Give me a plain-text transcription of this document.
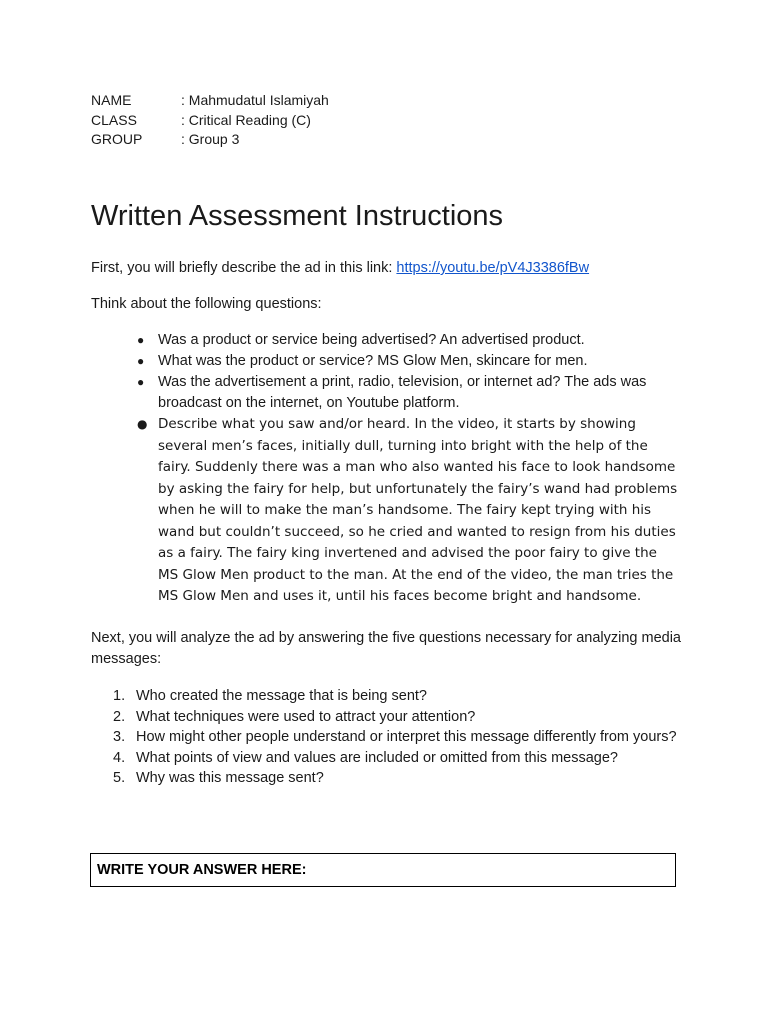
NAME	: Mahmudatul Islamiyah
CLASS	: Critical Reading (C)
GROUP	: Group 3
Written Assessment Instructions

First, you will briefly describe the ad in this link: https://youtu.be/pV4J3386fBw

Think about the following questions:

● Was a product or service being advertised? An advertised product.
● What was the product or service? MS Glow Men, skincare for men.
● Was the advertisement a print, radio, television, or internet ad? The ads was broadcast on the internet, on Youtube platform.
● Describe what you saw and/or heard. In the video, it starts by showing several men’s faces, initially dull, turning into bright with the help of the fairy. Suddenly there was a man who also wanted his face to look handsome by asking the fairy for help, but unfortunately the fairy’s wand had problems when he will to make the man’s handsome. The fairy kept trying with his wand but couldn’t succeed, so he cried and wanted to resign from his duties as a fairy. The fairy king invertened and advised the poor fairy to give the MS Glow Men product to the man. At the end of the video, the man tries the MS Glow Men and uses it, until his faces become bright and handsome.

Next, you will analyze the ad by answering the five questions necessary for analyzing media messages:

1. Who created the message that is being sent?
2. What techniques were used to attract your attention?
3. How might other people understand or interpret this message differently from yours?
4. What points of view and values are included or omitted from this message?
5. Why was this message sent?
WRITE YOUR ANSWER HERE:
